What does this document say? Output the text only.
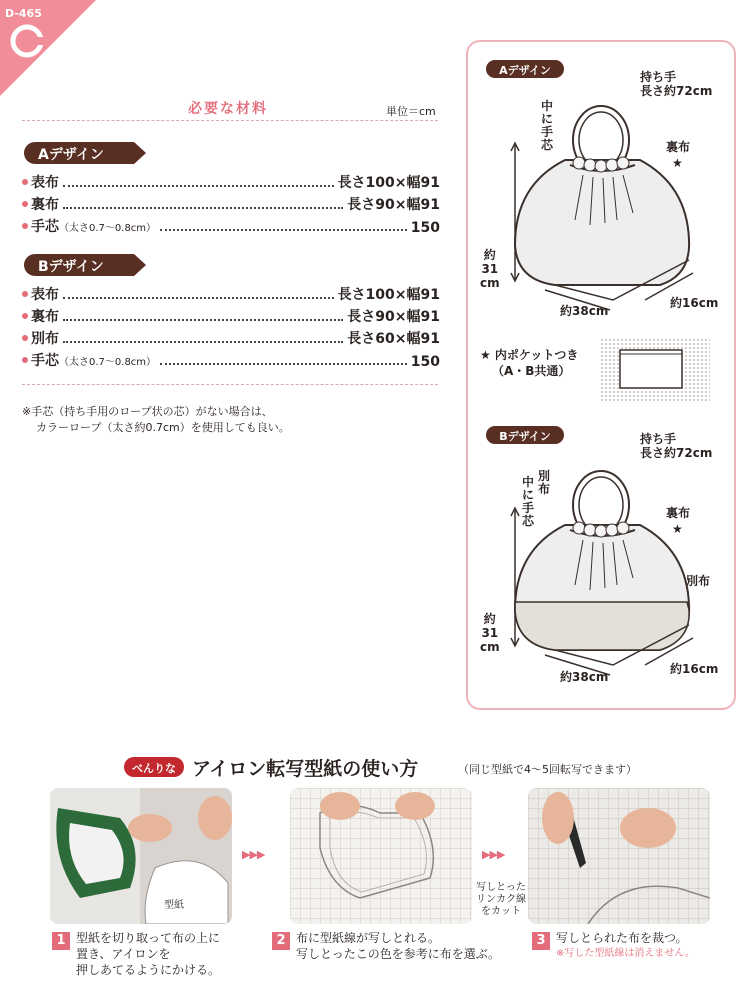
D-465
必要な材料	単位＝cm
Aデザイン
表布	長さ100×幅91
裏布	長さ90×幅91
手芯 （太さ0.7～0.8cm）	150
Bデザイン
表布	長さ100×幅91
裏布	長さ90×幅91
別布	長さ60×幅91
手芯 （太さ0.7～0.8cm）	150
※手芯（持ち手用のロープ状の芯）がない場合は、
カラーロープ（太さ約0.7cm）を使用しても良い。
Aデザイン	持ち手
長さ約72cm
中に手芯	裏布
★
約
31
cm
約38cm
約16cm
★ 内ポケットつき
（A・B共通）
Bデザイン	持ち手
長さ約72cm
別布
中に手芯
裏布
★
別布
約
31
cm
約38cm
約16cm
べんりな アイロン転写型紙の使い方	（同じ型紙で4～5回転写できます）
型紙
▶▶▶	▶▶▶
写しとった
リンカク線
をカット
1 型紙を切り取って布の上に
置き、アイロンを
押しあてるようにかける。
2 布に型紙線が写しとれる。
写しとったこの色を参考に布を選ぶ。
3 写しとられた布を裁つ。
※写した型紙線は消えません。
